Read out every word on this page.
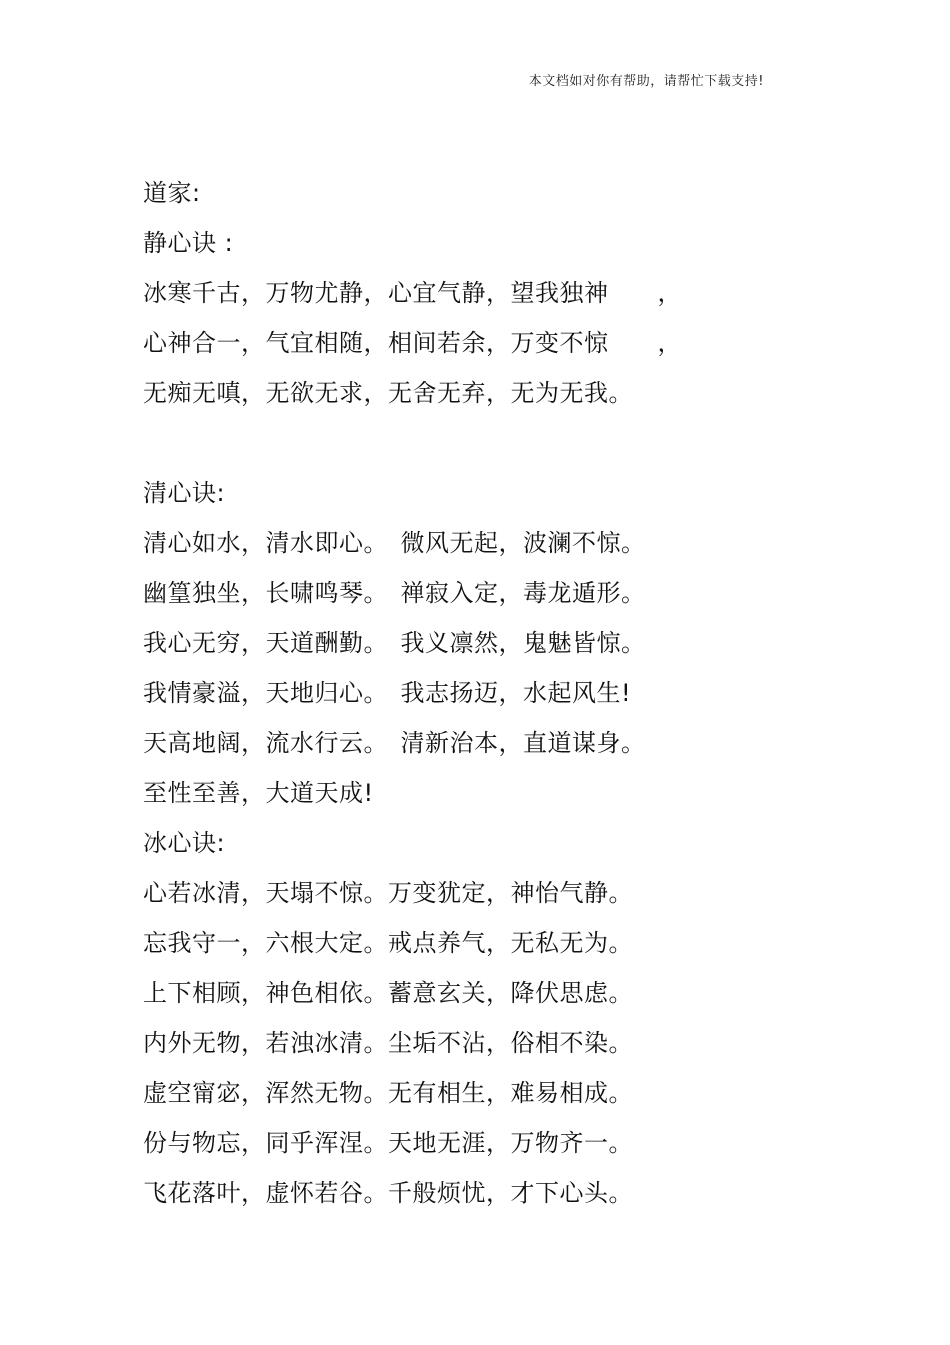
本文档如对你有帮助，请帮忙下载支持!
道家:
静心诀 :
冰寒千古，万物尤静，心宜气静，望我独神　　，
心神合一，气宜相随，相间若余，万变不惊　　，
无痴无嗔，无欲无求，无舍无弃，无为无我。
清心诀:
清心如水，清水即心。　微风无起，波澜不惊。
幽篁独坐，长啸鸣琴。　禅寂入定，毒龙遁形。
我心无穷，天道酬勤。　我义凛然，鬼魅皆惊。
我情豪溢，天地归心。　我志扬迈，水起风生!
天高地阔，流水行云。　清新治本，直道谋身。
至性至善，大道天成!
冰心诀:
心若冰清，天塌不惊。万变犹定，神怡气静。
忘我守一，六根大定。戒点养气，无私无为。
上下相顾，神色相依。蓄意玄关，降伏思虑。
内外无物，若浊冰清。尘垢不沾，俗相不染。
虚空甯宓，浑然无物。无有相生，难易相成。
份与物忘，同乎浑涅。天地无涯，万物齐一。
飞花落叶，虚怀若谷。千般烦忧，才下心头。
